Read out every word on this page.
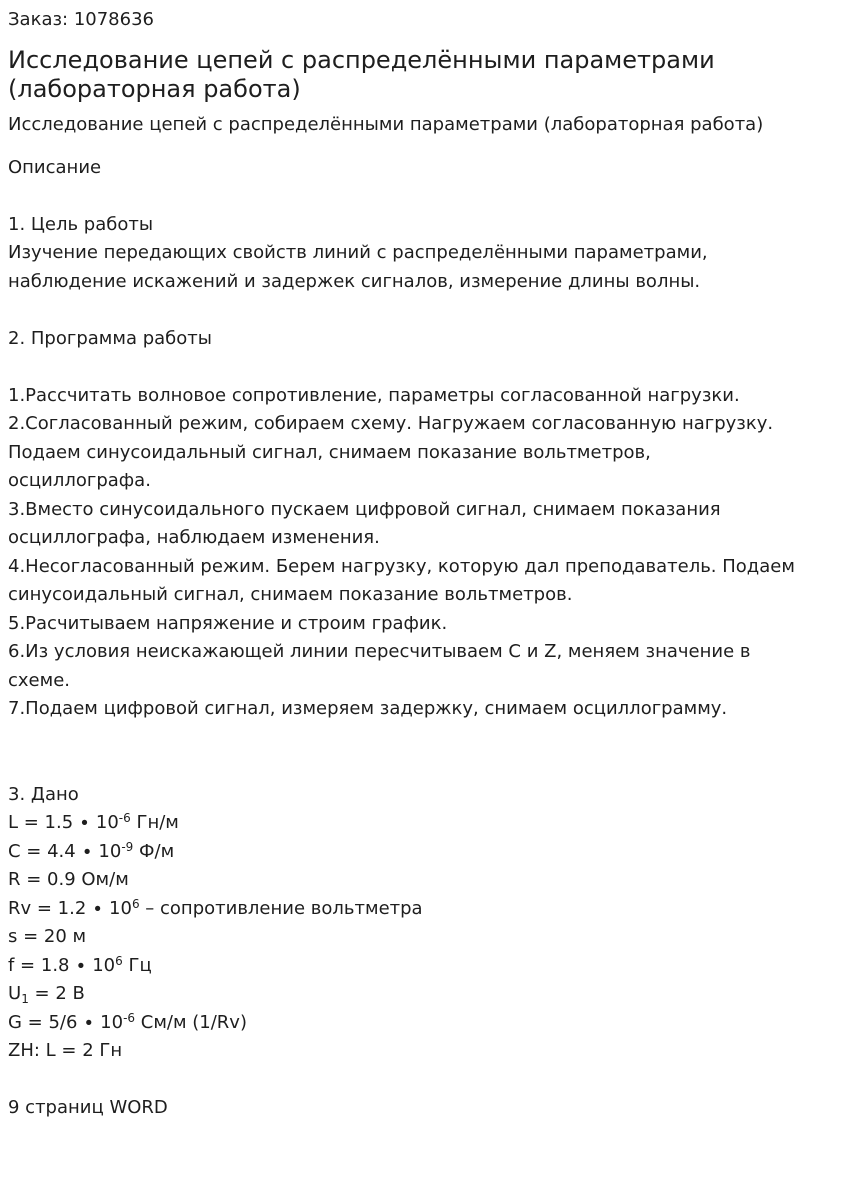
Заказ: 1078636

Исследование цепей с распределёнными параметрами (лабораторная работа)

Исследование цепей с распределёнными параметрами (лабораторная работа)

Описание

1. Цель работы
Изучение передающих свойств линий с распределёнными параметрами,
наблюдение искажений и задержек сигналов, измерение длины волны.
2. Программа работы
1.Рассчитать волновое сопротивление, параметры согласованной нагрузки.
2.Согласованный режим, собираем схему. Нагружаем согласованную нагрузку.
Подаем синусоидальный сигнал, снимаем показание вольтметров,
осциллографа.
3.Вместо синусоидального пускаем цифровой сигнал, снимаем показания
осциллографа, наблюдаем изменения.
4.Несогласованный режим. Берем нагрузку, которую дал преподаватель. Подаем
синусоидальный сигнал, снимаем показание вольтметров.
5.Расчитываем напряжение и строим график.
6.Из условия неискажающей линии пересчитываем C и Z, меняем значение в
схеме.
7.Подаем цифровой сигнал, измеряем задержку, снимаем осциллограмму.
3. Дано
$L = 1.5 \cdot 10^{-6}$ Гн/м
$C = 4.4 \cdot 10^{-9}$ Ф/м
R = 0.9 Ом/м
$Rv = 1.2 \cdot 10^6$ – сопротивление вольтметра
s = 20 м
$f = 1.8 \cdot 10^6$ Гц
$U_1 = 2$ В
$G = 5/6 \cdot 10^{-6}$ См/м (1/Rv)
ZН: L = 2 Гн
9 страниц WORD
